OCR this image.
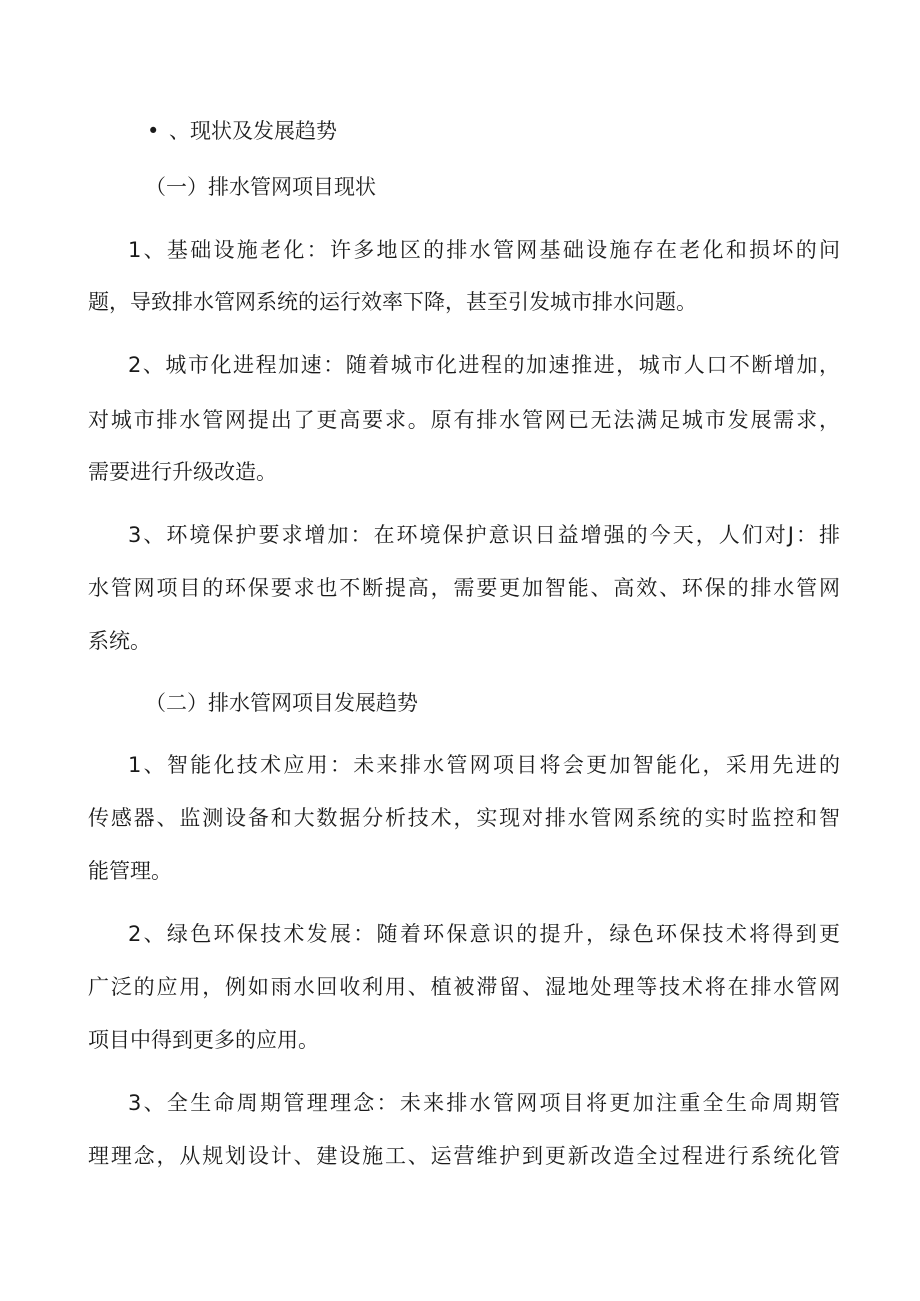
• 、现状及发展趋势
（一）排水管网项目现状
1、基础设施老化：许多地区的排水管网基础设施存在老化和损坏的问
题，导致排水管网系统的运行效率下降，甚至引发城市排水问题。
2、城市化进程加速：随着城市化进程的加速推进，城市人口不断增加，
对城市排水管网提出了更高要求。原有排水管网已无法满足城市发展需求，
需要进行升级改造。
3、环境保护要求增加：在环境保护意识日益增强的今天，人们对J：排
水管网项目的环保要求也不断提高，需要更加智能、高效、环保的排水管网
系统。
（二）排水管网项目发展趋势
1、智能化技术应用：未来排水管网项目将会更加智能化，采用先进的
传感器、监测设备和大数据分析技术，实现对排水管网系统的实时监控和智
能管理。
2、绿色环保技术发展：随着环保意识的提升，绿色环保技术将得到更
广泛的应用，例如雨水回收利用、植被滞留、湿地处理等技术将在排水管网
项目中得到更多的应用。
3、全生命周期管理理念：未来排水管网项目将更加注重全生命周期管
理理念，从规划设计、建设施工、运营维护到更新改造全过程进行系统化管
